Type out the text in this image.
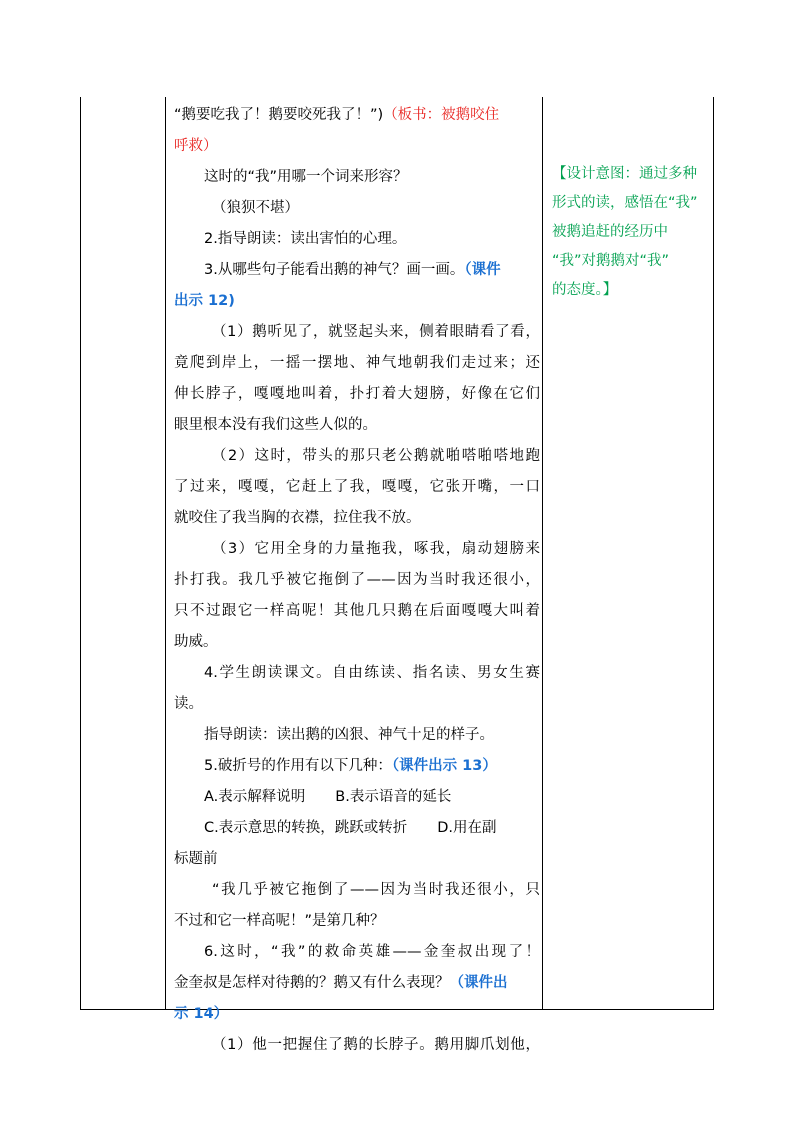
“鹅要吃我了！鹅要咬死我了！”)（板书：被鹅咬住
呼救）
这时的“我”用哪一个词来形容？
（狼狈不堪）
2.指导朗读：读出害怕的心理。
3.从哪些句子能看出鹅的神气？画一画。（课件
出示 12)
（1）鹅听见了，就竖起头来，侧着眼睛看了看，
竟爬到岸上，一摇一摆地、神气地朝我们走过来；还
伸长脖子，嘎嘎地叫着，扑打着大翅膀，好像在它们
眼里根本没有我们这些人似的。
（2）这时，带头的那只老公鹅就啪嗒啪嗒地跑
了过来，嘎嘎，它赶上了我，嘎嘎，它张开嘴，一口
就咬住了我当胸的衣襟，拉住我不放。
（3）它用全身的力量拖我，啄我，扇动翅膀来
扑打我。我几乎被它拖倒了——因为当时我还很小，
只不过跟它一样高呢！其他几只鹅在后面嘎嘎大叫着
助威。
4.学生朗读课文。自由练读、指名读、男女生赛
读。
指导朗读：读出鹅的凶狠、神气十足的样子。
5.破折号的作用有以下几种：（课件出示 13）
A.表示解释说明 B.表示语音的延长
C.表示意思的转换，跳跃或转折 D.用在副
标题前
“我几乎被它拖倒了——因为当时我还很小，只
不过和它一样高呢！”是第几种？
6.这时，“我”的救命英雄——金奎叔出现了！
金奎叔是怎样对待鹅的？鹅又有什么表现？（课件出
示 14）
（1）他一把握住了鹅的长脖子。鹅用脚爪划他，
【设计意图：通过多种
形式的读，感悟在“我”
被鹅追赶的经历中
“我”对鹅鹅对“我”
的态度。】
